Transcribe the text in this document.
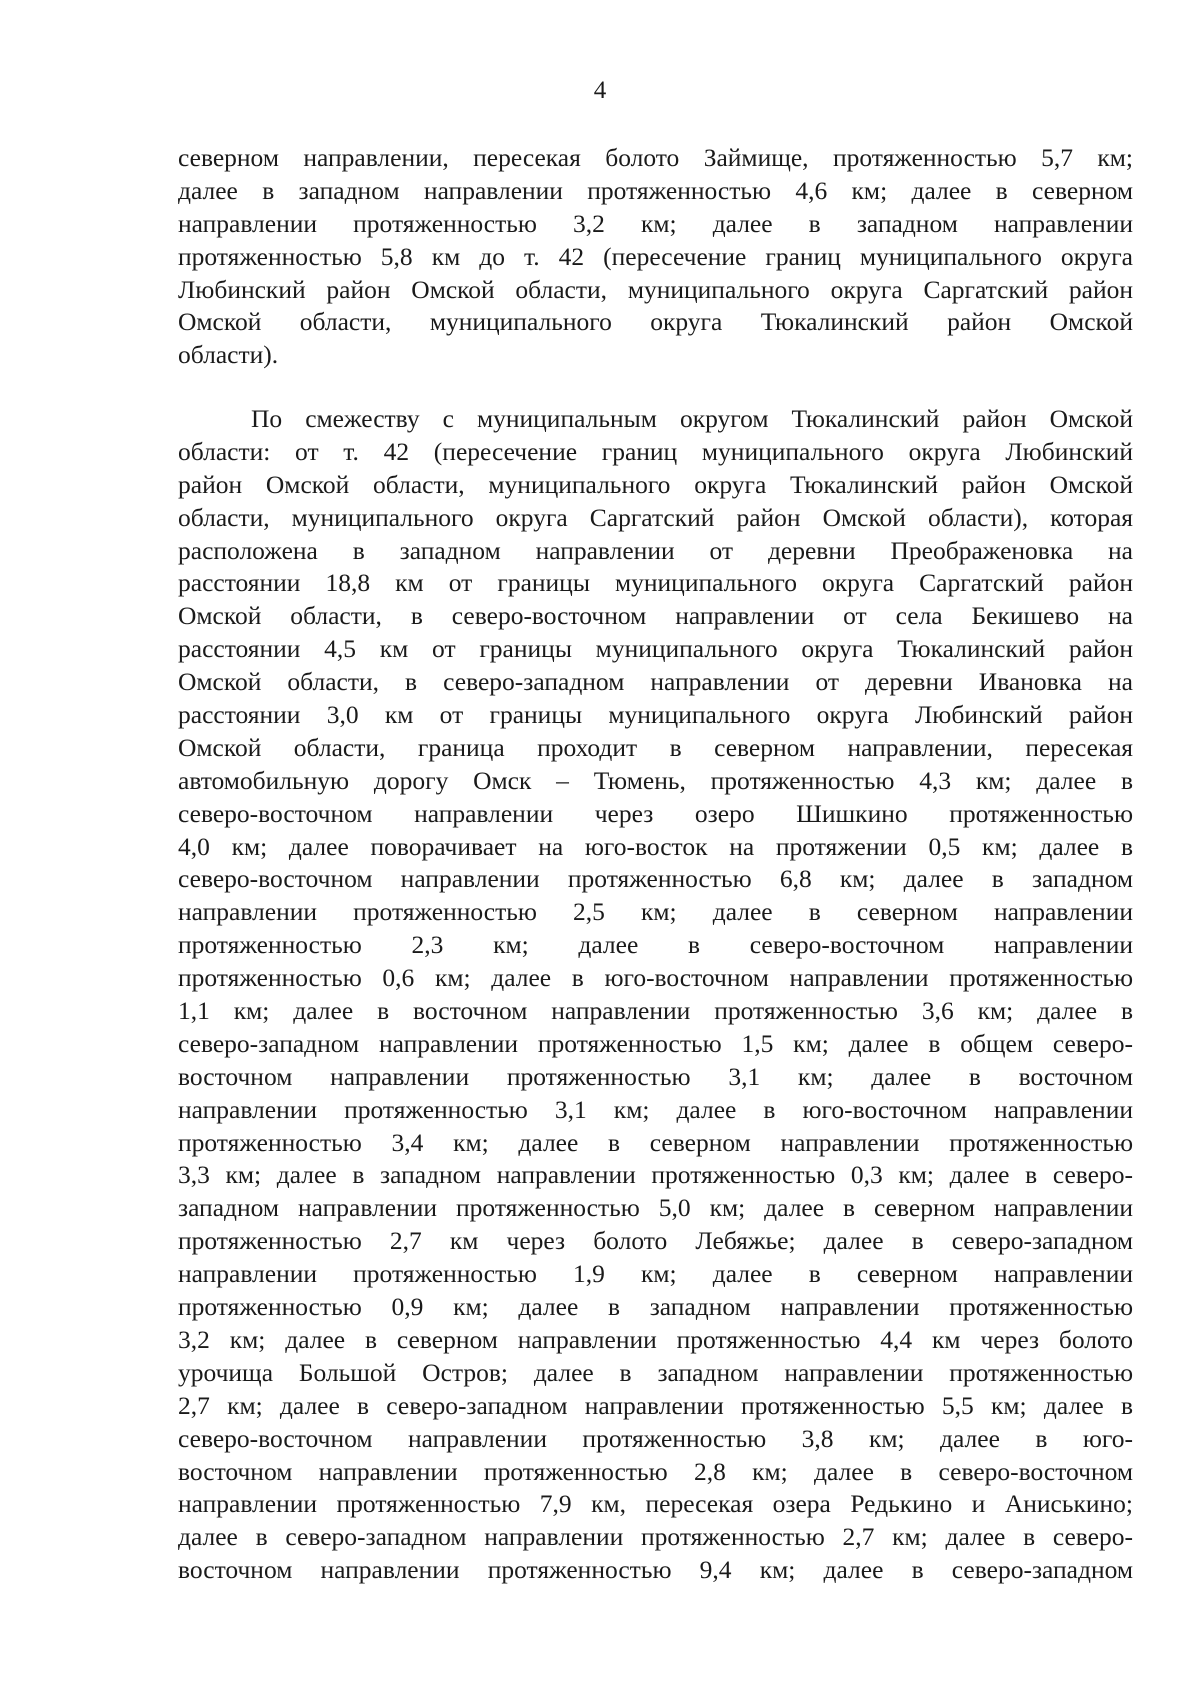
4
северном направлении, пересекая болото Займище, протяженностью 5,7 км;
далее в западном направлении протяженностью 4,6 км; далее в северном
направлении протяженностью 3,2 км; далее в западном направлении
протяженностью 5,8 км до т. 42 (пересечение границ муниципального округа
Любинский район Омской области, муниципального округа Саргатский район
Омской области, муниципального округа Тюкалинский район Омской
области).
По смежеству с муниципальным округом Тюкалинский район Омской
области: от т. 42 (пересечение границ муниципального округа Любинский
район Омской области, муниципального округа Тюкалинский район Омской
области, муниципального округа Саргатский район Омской области), которая
расположена в западном направлении от деревни Преображеновка на
расстоянии 18,8 км от границы муниципального округа Саргатский район
Омской области, в северо-восточном направлении от села Бекишево на
расстоянии 4,5 км от границы муниципального округа Тюкалинский район
Омской области, в северо-западном направлении от деревни Ивановка на
расстоянии 3,0 км от границы муниципального округа Любинский район
Омской области, граница проходит в северном направлении, пересекая
автомобильную дорогу Омск – Тюмень, протяженностью 4,3 км; далее в
северо-восточном направлении через озеро Шишкино протяженностью
4,0 км; далее поворачивает на юго-восток на протяжении 0,5 км; далее в
северо-восточном направлении протяженностью 6,8 км; далее в западном
направлении протяженностью 2,5 км; далее в северном направлении
протяженностью 2,3 км; далее в северо-восточном направлении
протяженностью 0,6 км; далее в юго-восточном направлении протяженностью
1,1 км; далее в восточном направлении протяженностью 3,6 км; далее в
северо-западном направлении протяженностью 1,5 км; далее в общем северо-
восточном направлении протяженностью 3,1 км; далее в восточном
направлении протяженностью 3,1 км; далее в юго-восточном направлении
протяженностью 3,4 км; далее в северном направлении протяженностью
3,3 км; далее в западном направлении протяженностью 0,3 км; далее в северо-
западном направлении протяженностью 5,0 км; далее в северном направлении
протяженностью 2,7 км через болото Лебяжье; далее в северо-западном
направлении протяженностью 1,9 км; далее в северном направлении
протяженностью 0,9 км; далее в западном направлении протяженностью
3,2 км; далее в северном направлении протяженностью 4,4 км через болото
урочища Большой Остров; далее в западном направлении протяженностью
2,7 км; далее в северо-западном направлении протяженностью 5,5 км; далее в
северо-восточном направлении протяженностью 3,8 км; далее в юго-
восточном направлении протяженностью 2,8 км; далее в северо-восточном
направлении протяженностью 7,9 км, пересекая озера Редькино и Аниськино;
далее в северо-западном направлении протяженностью 2,7 км; далее в северо-
восточном направлении протяженностью 9,4 км; далее в северо-западном
